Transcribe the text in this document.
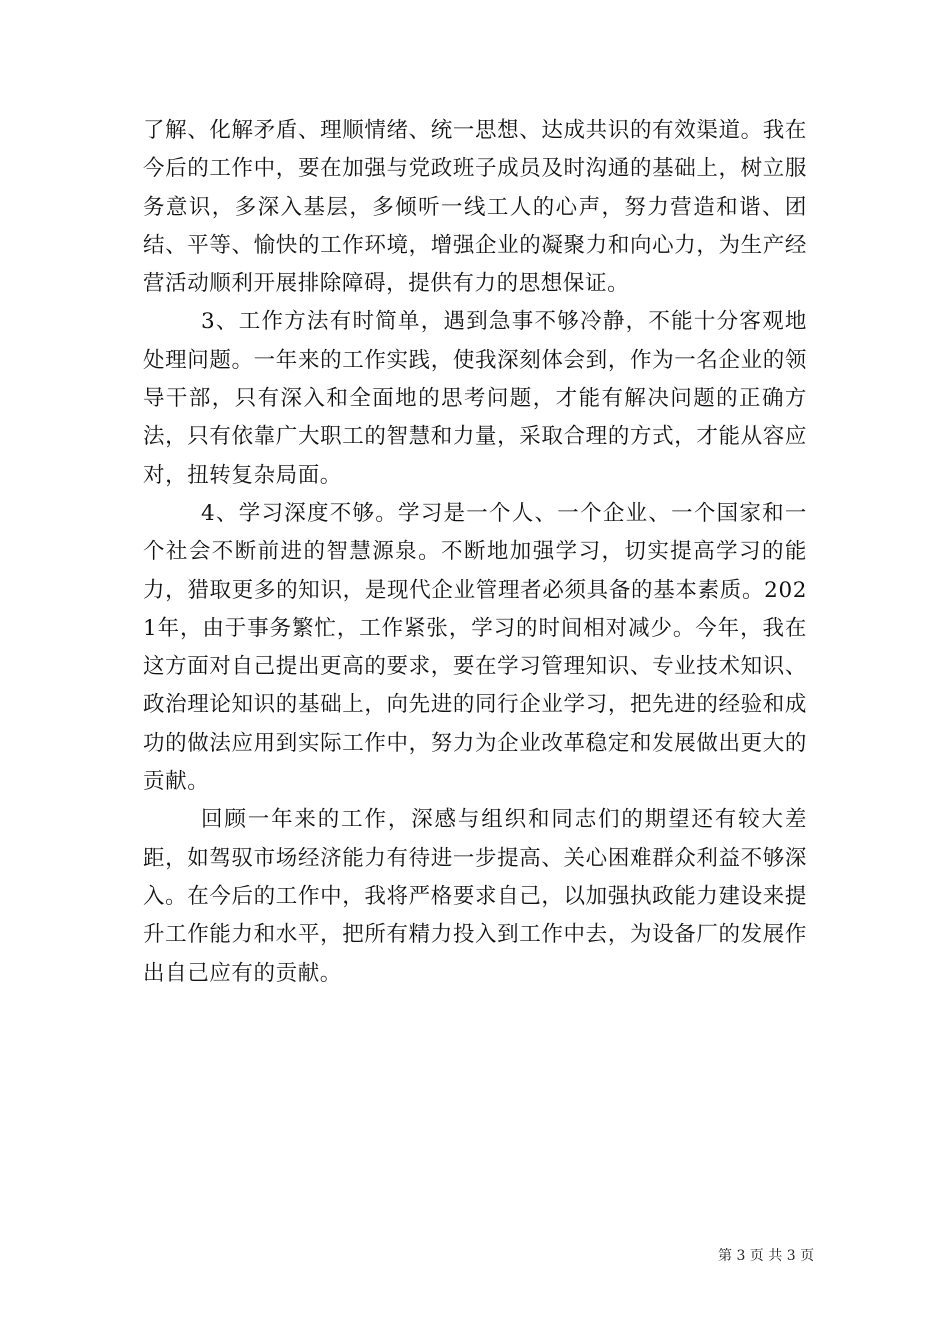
了解、化解矛盾、理顺情绪、统一思想、达成共识的有效渠道。我在今后的工作中，要在加强与党政班子成员及时沟通的基础上，树立服务意识，多深入基层，多倾听一线工人的心声，努力营造和谐、团结、平等、愉快的工作环境，增强企业的凝聚力和向心力，为生产经营活动顺利开展排除障碍，提供有力的思想保证。

3、工作方法有时简单，遇到急事不够冷静，不能十分客观地处理问题。一年来的工作实践，使我深刻体会到，作为一名企业的领导干部，只有深入和全面地的思考问题，才能有解决问题的正确方法，只有依靠广大职工的智慧和力量，采取合理的方式，才能从容应对，扭转复杂局面。

4、学习深度不够。学习是一个人、一个企业、一个国家和一个社会不断前进的智慧源泉。不断地加强学习，切实提高学习的能力，猎取更多的知识，是现代企业管理者必须具备的基本素质。2021年，由于事务繁忙，工作紧张，学习的时间相对减少。今年，我在这方面对自己提出更高的要求，要在学习管理知识、专业技术知识、政治理论知识的基础上，向先进的同行企业学习，把先进的经验和成功的做法应用到实际工作中，努力为企业改革稳定和发展做出更大的贡献。

回顾一年来的工作，深感与组织和同志们的期望还有较大差距，如驾驭市场经济能力有待进一步提高、关心困难群众利益不够深入。在今后的工作中，我将严格要求自己，以加强执政能力建设来提升工作能力和水平，把所有精力投入到工作中去，为设备厂的发展作出自己应有的贡献。

第 3 页 共 3 页
